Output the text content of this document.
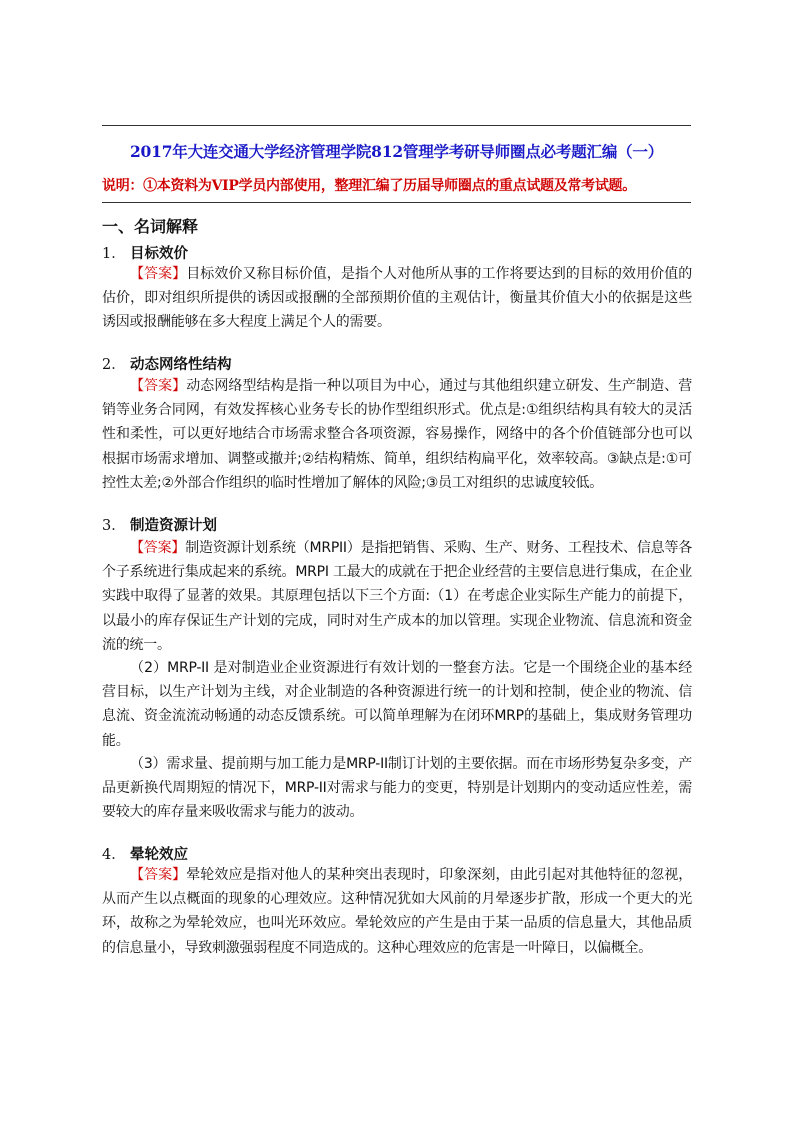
2017年大连交通大学经济管理学院812管理学考研导师圈点必考题汇编（一）
说明：①本资料为VIP学员内部使用，整理汇编了历届导师圈点的重点试题及常考试题。
一、名词解释
1． 目标效价
【答案】目标效价又称目标价值，是指个人对他所从事的工作将要达到的目标的效用价值的估价，即对组织所提供的诱因或报酬的全部预期价值的主观估计，衡量其价值大小的依据是这些诱因或报酬能够在多大程度上满足个人的需要。
2． 动态网络性结构
【答案】动态网络型结构是指一种以项目为中心，通过与其他组织建立研发、生产制造、营销等业务合同网，有效发挥核心业务专长的协作型组织形式。优点是:①组织结构具有较大的灵活性和柔性，可以更好地结合市场需求整合各项资源，容易操作，网络中的各个价值链部分也可以根据市场需求增加、调整或撤并;②结构精炼、简单，组织结构扁平化，效率较高。③缺点是:①可控性太差;②外部合作组织的临时性增加了解体的风险;③员工对组织的忠诚度较低。
3． 制造资源计划
【答案】制造资源计划系统（MRPII）是指把销售、采购、生产、财务、工程技术、信息等各个子系统进行集成起来的系统。MRPI 工最大的成就在于把企业经营的主要信息进行集成，在企业实践中取得了显著的效果。其原理包括以下三个方面:（1）在考虑企业实际生产能力的前提下，以最小的库存保证生产计划的完成，同时对生产成本的加以管理。实现企业物流、信息流和资金流的统一。
（2）MRP-II 是对制造业企业资源进行有效计划的一整套方法。它是一个围绕企业的基本经营目标，以生产计划为主线，对企业制造的各种资源进行统一的计划和控制，使企业的物流、信息流、资金流流动畅通的动态反馈系统。可以简单理解为在闭环MRP的基础上，集成财务管理功能。
（3）需求量、提前期与加工能力是MRP-II制订计划的主要依据。而在市场形势复杂多变，产品更新换代周期短的情况下，MRP-II对需求与能力的变更，特别是计划期内的变动适应性差，需要较大的库存量来吸收需求与能力的波动。
4． 晕轮效应
【答案】晕轮效应是指对他人的某种突出表现时，印象深刻，由此引起对其他特征的忽视，从而产生以点概面的现象的心理效应。这种情况犹如大风前的月晕逐步扩散，形成一个更大的光环，故称之为晕轮效应，也叫光环效应。晕轮效应的产生是由于某一品质的信息量大，其他品质的信息量小，导致刺激强弱程度不同造成的。这种心理效应的危害是一叶障日，以偏概全。
